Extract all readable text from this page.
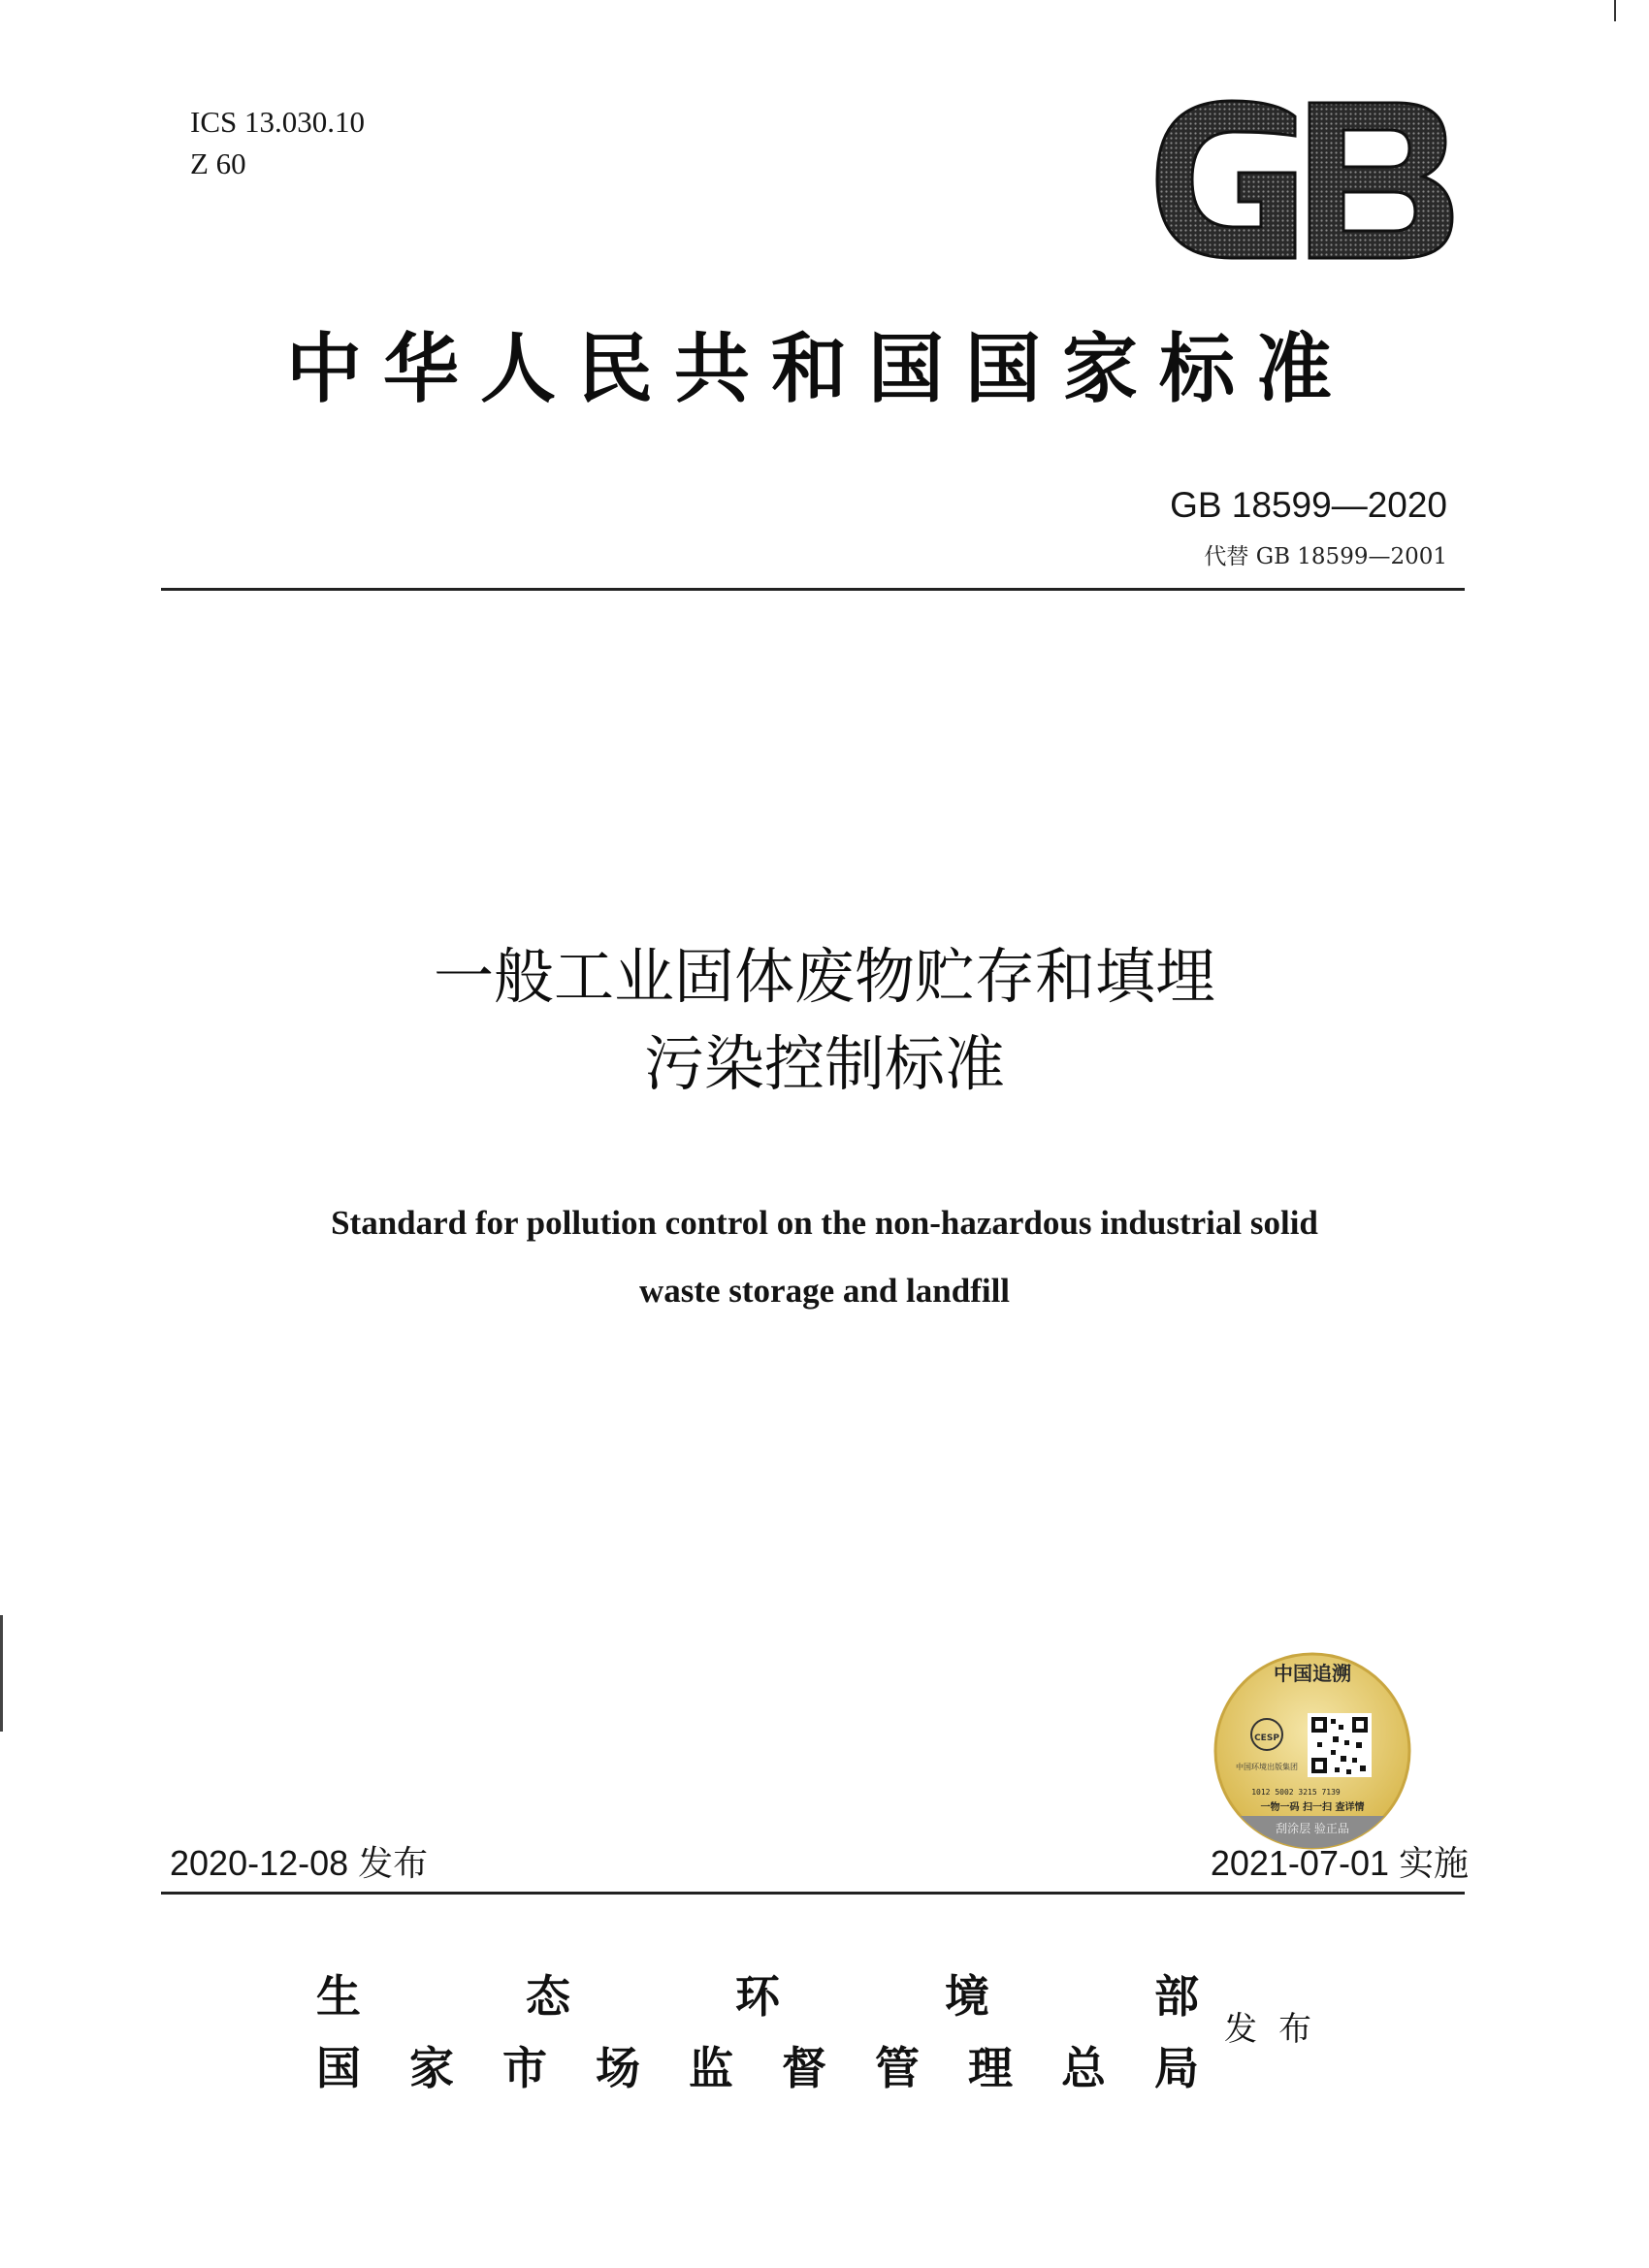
ICS 13.030.10
Z 60
GB
中华人民共和国国家标准
GB 18599—2020
代替 GB 18599—2001
一般工业固体废物贮存和填埋
污染控制标准
Standard for pollution control on the non-hazardous industrial solid
waste storage and landfill
中国追溯
CESP
中国环境出版集团
1012 5002 3215 7139
一物一码 扫一扫 查详情
刮涂层 验正品
2020-12-08 发布	2021-07-01 实施
生	态	环	境	部
国 家 市 场 监 督 管 理 总 局
发布
